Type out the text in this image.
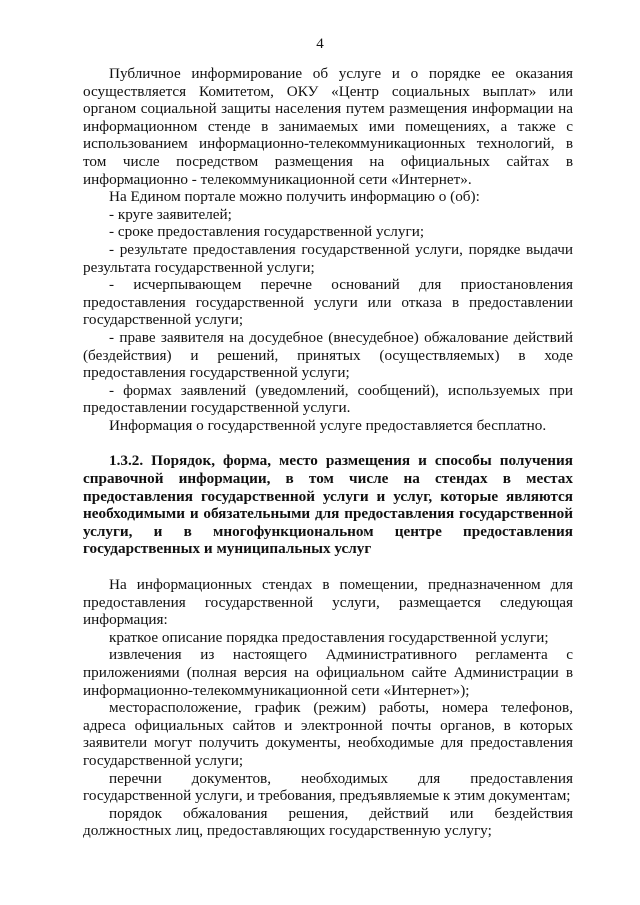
4

Публичное информирование об услуге и о порядке ее оказания осуществляется Комитетом, ОКУ «Центр социальных выплат» или органом социальной защиты населения путем размещения информации на информационном стенде в занимаемых ими помещениях, а также с использованием информационно-телекоммуникационных технологий, в том числе посредством размещения на официальных сайтах в информационно - телекоммуникационной сети «Интернет».

На Едином портале можно получить информацию о (об):

- круге заявителей;

- сроке предоставления государственной услуги;

- результате предоставления государственной услуги, порядке выдачи результата государственной услуги;

- исчерпывающем перечне оснований для приостановления предоставления государственной услуги или отказа в предоставлении государственной услуги;

- праве заявителя на досудебное (внесудебное) обжалование действий (бездействия) и решений, принятых (осуществляемых) в ходе предоставления государственной услуги;

- формах заявлений (уведомлений, сообщений), используемых при предоставлении государственной услуги.

Информация о государственной услуге предоставляется бесплатно.

1.3.2. Порядок, форма, место размещения и способы получения справочной информации, в том числе на стендах в местах предоставления государственной услуги и услуг, которые являются необходимыми и обязательными для предоставления государственной услуги, и в многофункциональном центре предоставления государственных и муниципальных услуг

На информационных стендах в помещении, предназначенном для предоставления государственной услуги, размещается следующая информация:

краткое описание порядка предоставления государственной услуги;

извлечения из настоящего Административного регламента с приложениями (полная версия на официальном сайте Администрации в информационно-телекоммуникационной сети «Интернет»);

месторасположение, график (режим) работы, номера телефонов, адреса официальных сайтов и электронной почты органов, в которых заявители могут получить документы, необходимые для предоставления государственной услуги;

перечни документов, необходимых для предоставления государственной услуги, и требования, предъявляемые к этим документам;

порядок обжалования решения, действий или бездействия должностных лиц, предоставляющих государственную услугу;
